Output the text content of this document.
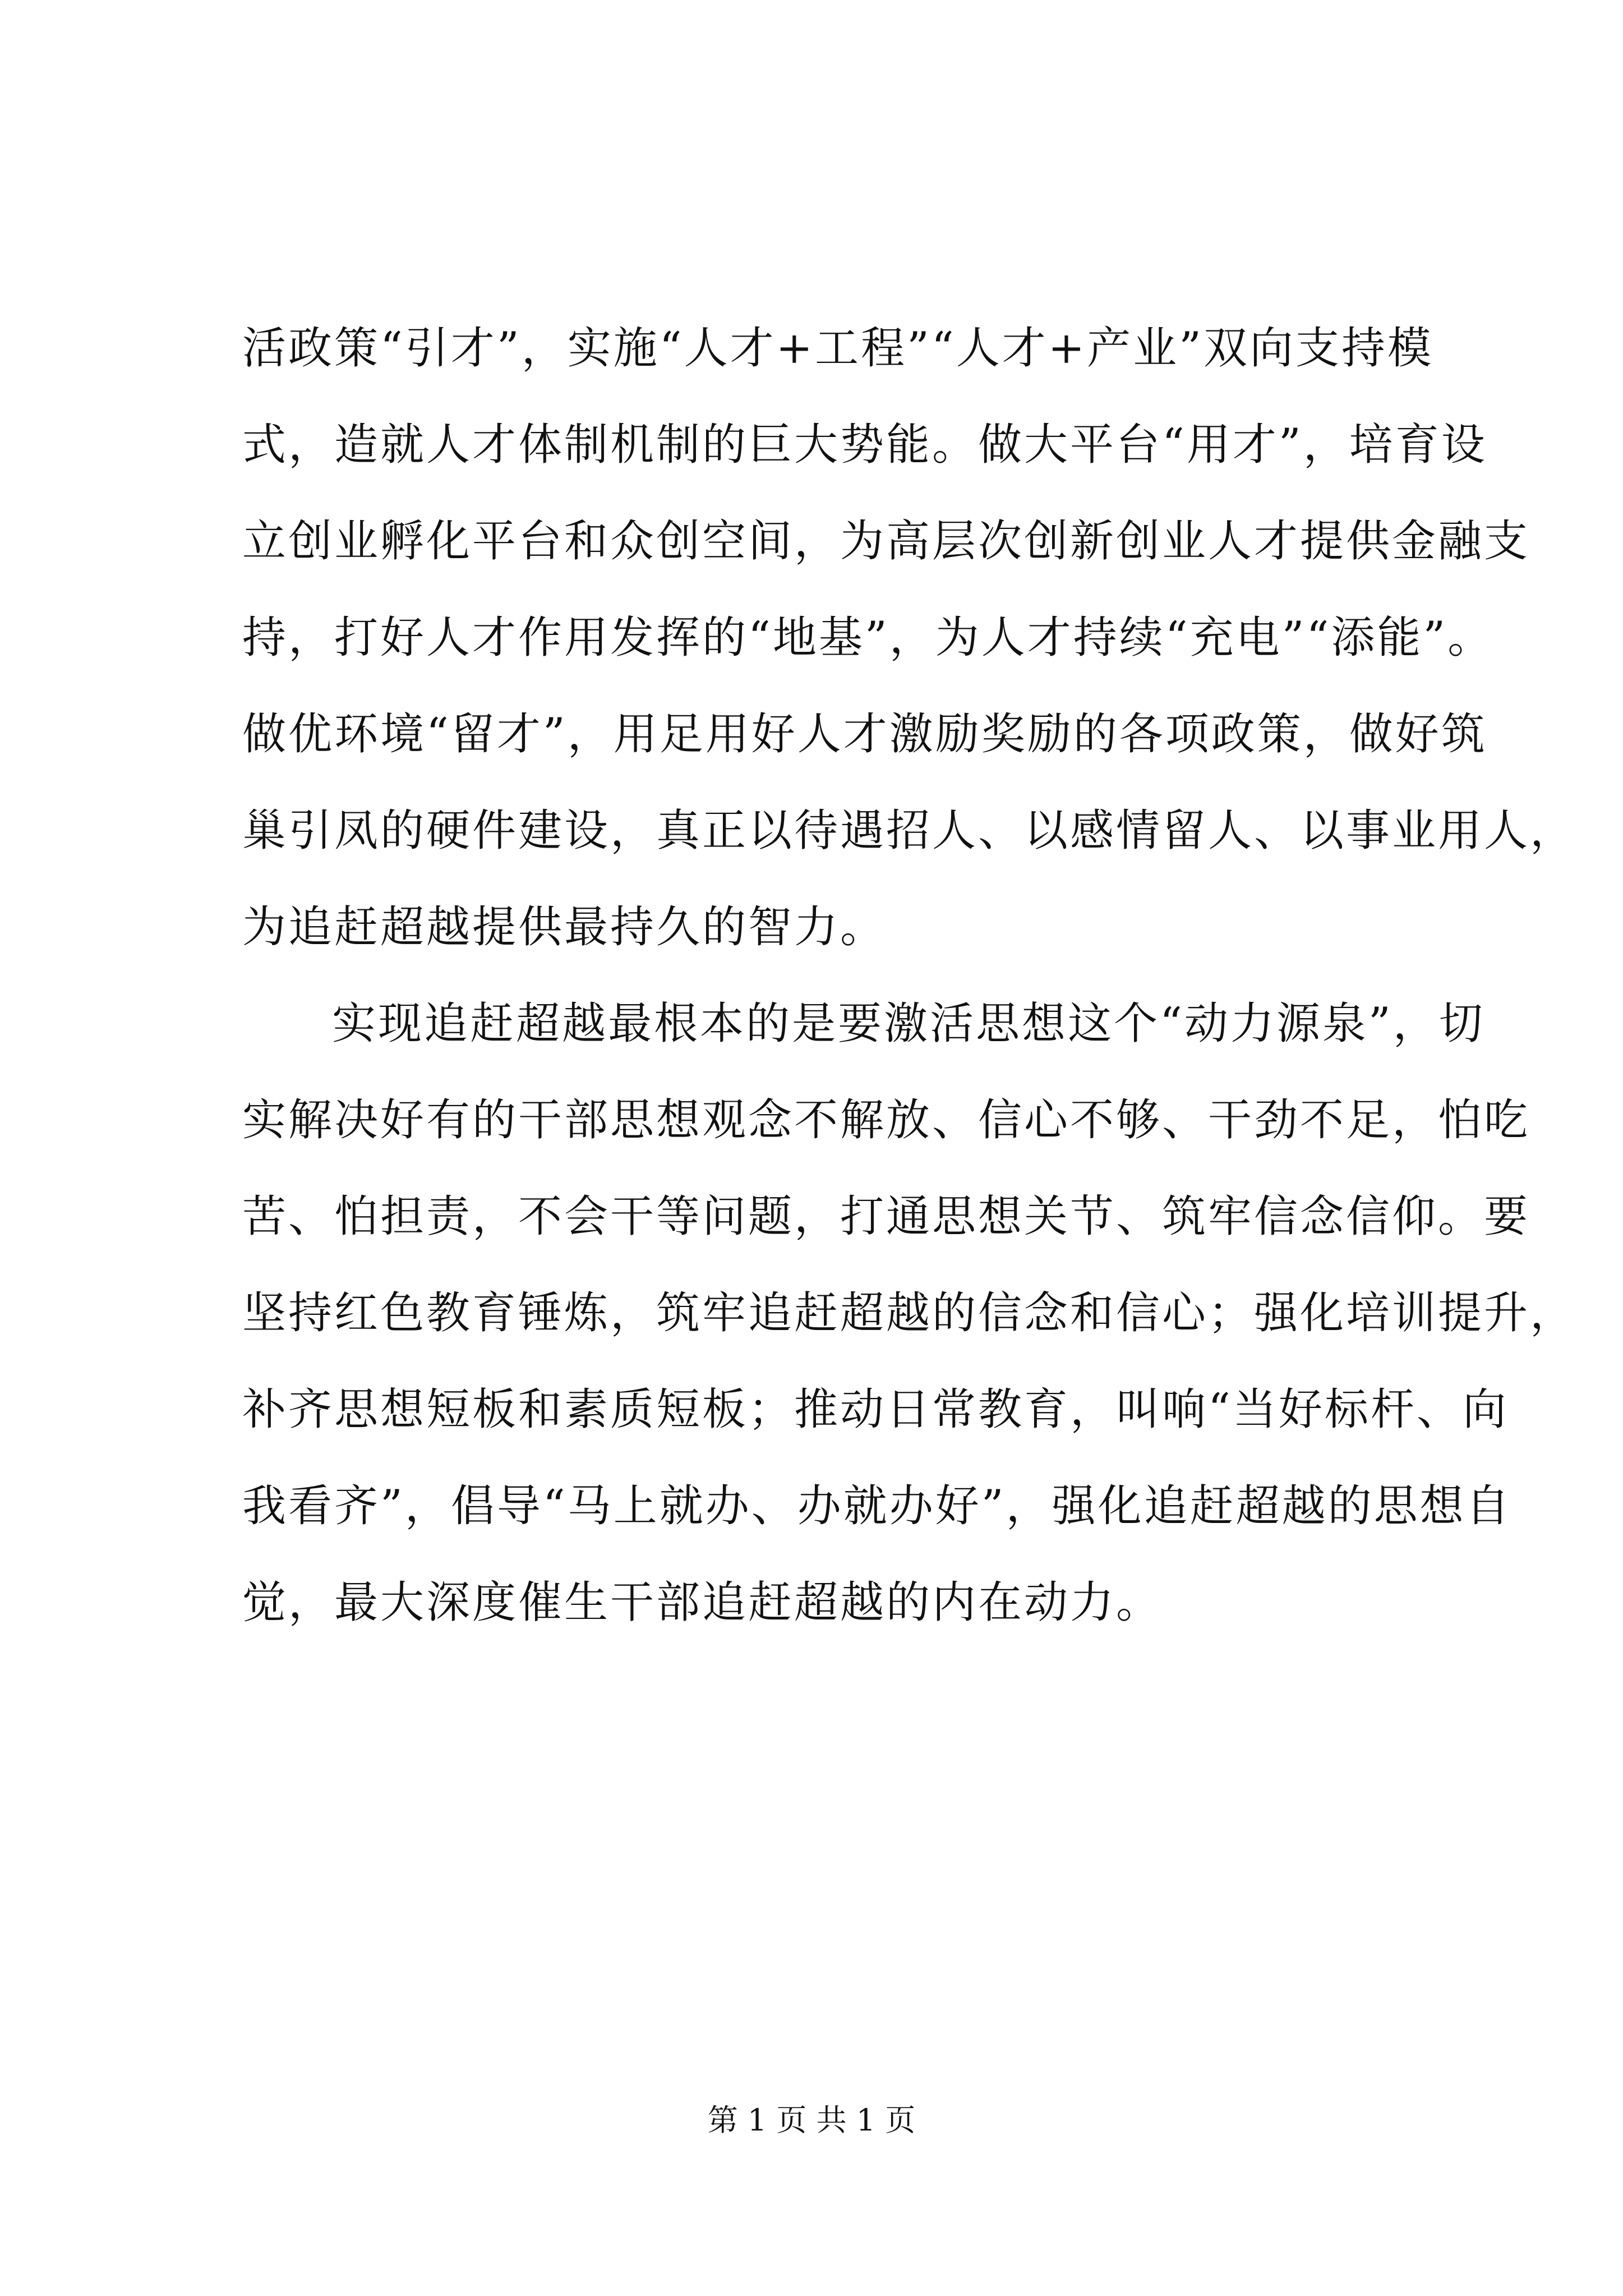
活政策“引才”，实施“人才+工程”“人才+产业”双向支持模
式，造就人才体制机制的巨大势能。做大平台“用才”，培育设
立创业孵化平台和众创空间，为高层次创新创业人才提供金融支
持，打好人才作用发挥的“地基”，为人才持续“充电”“添能”。
做优环境“留才”，用足用好人才激励奖励的各项政策，做好筑
巢引凤的硬件建设，真正以待遇招人、以感情留人、以事业用人，
为追赶超越提供最持久的智力。
实现追赶超越最根本的是要激活思想这个“动力源泉”，切
实解决好有的干部思想观念不解放、信心不够、干劲不足，怕吃
苦、怕担责，不会干等问题，打通思想关节、筑牢信念信仰。要
坚持红色教育锤炼，筑牢追赶超越的信念和信心；强化培训提升，
补齐思想短板和素质短板；推动日常教育，叫响“当好标杆、向
我看齐”，倡导“马上就办、办就办好”，强化追赶超越的思想自
觉，最大深度催生干部追赶超越的内在动力。
第 1 页 共 1 页
